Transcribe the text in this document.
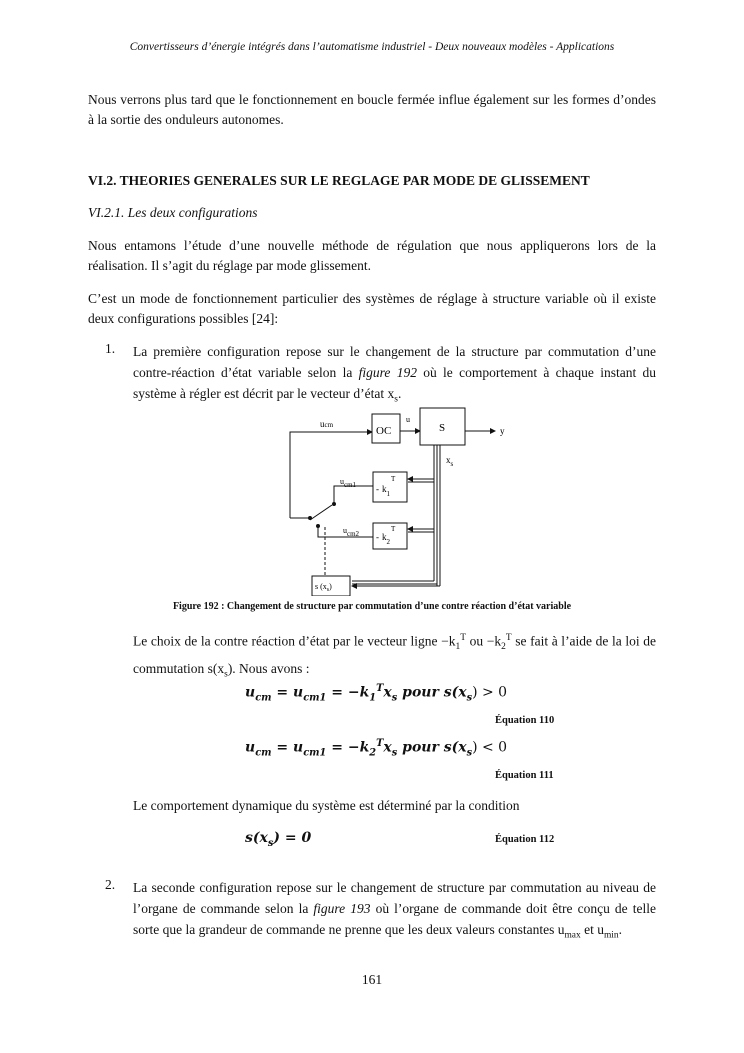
Convertisseurs d’énergie intégrés dans l’automatisme industriel - Deux nouveaux modèles - Applications
Nous verrons plus tard que le fonctionnement en boucle fermée influe également sur les formes d’ondes à la sortie des onduleurs autonomes.
VI.2. THEORIES GENERALES SUR LE REGLAGE PAR MODE DE GLISSEMENT
VI.2.1. Les deux configurations
Nous entamons l’étude d’une nouvelle méthode de régulation que nous appliquerons lors de la réalisation. Il s’agit du réglage par mode glissement.
C’est un mode de fonctionnement particulier des systèmes de réglage à structure variable où il existe deux configurations possibles [24]:
1. La première configuration repose sur le changement de la structure par commutation d’une contre-réaction d’état variable selon la figure 192 où le comportement à chaque instant du système à régler est décrit par le vecteur d’état $x_s$.
ucm	OC
u
S	y
$x_s$
ucm1
ucm2
- $k_1$
T
- $k_2$
T
s $(x_s)$
Figure 192 : Changement de structure par commutation d’une contre réaction d’état variable
Le choix de la contre réaction d’état par le vecteur ligne $-k_1^T$ ou $-k_2^T$ se fait à l’aide de la loi de commutation $s(x_s)$. Nous avons :
$u_{cm} = u_{cm1} = -k_1^Tx_s$ pour $s(x_s) > 0$
Équation 110
$u_{cm} = u_{cm1} = -k_2^Tx_s$ pour $s(x_s) < 0$
Équation 111
Le comportement dynamique du système est déterminé par la condition
$s(x_s) = 0$	Équation 112
2. La seconde configuration repose sur le changement de structure par commutation au niveau de l’organe de commande selon la figure 193 où l’organe de commande doit être conçu de telle sorte que la grandeur de commande ne prenne que les deux valeurs constantes $u_{max}$ et $u_{min}$.
161
